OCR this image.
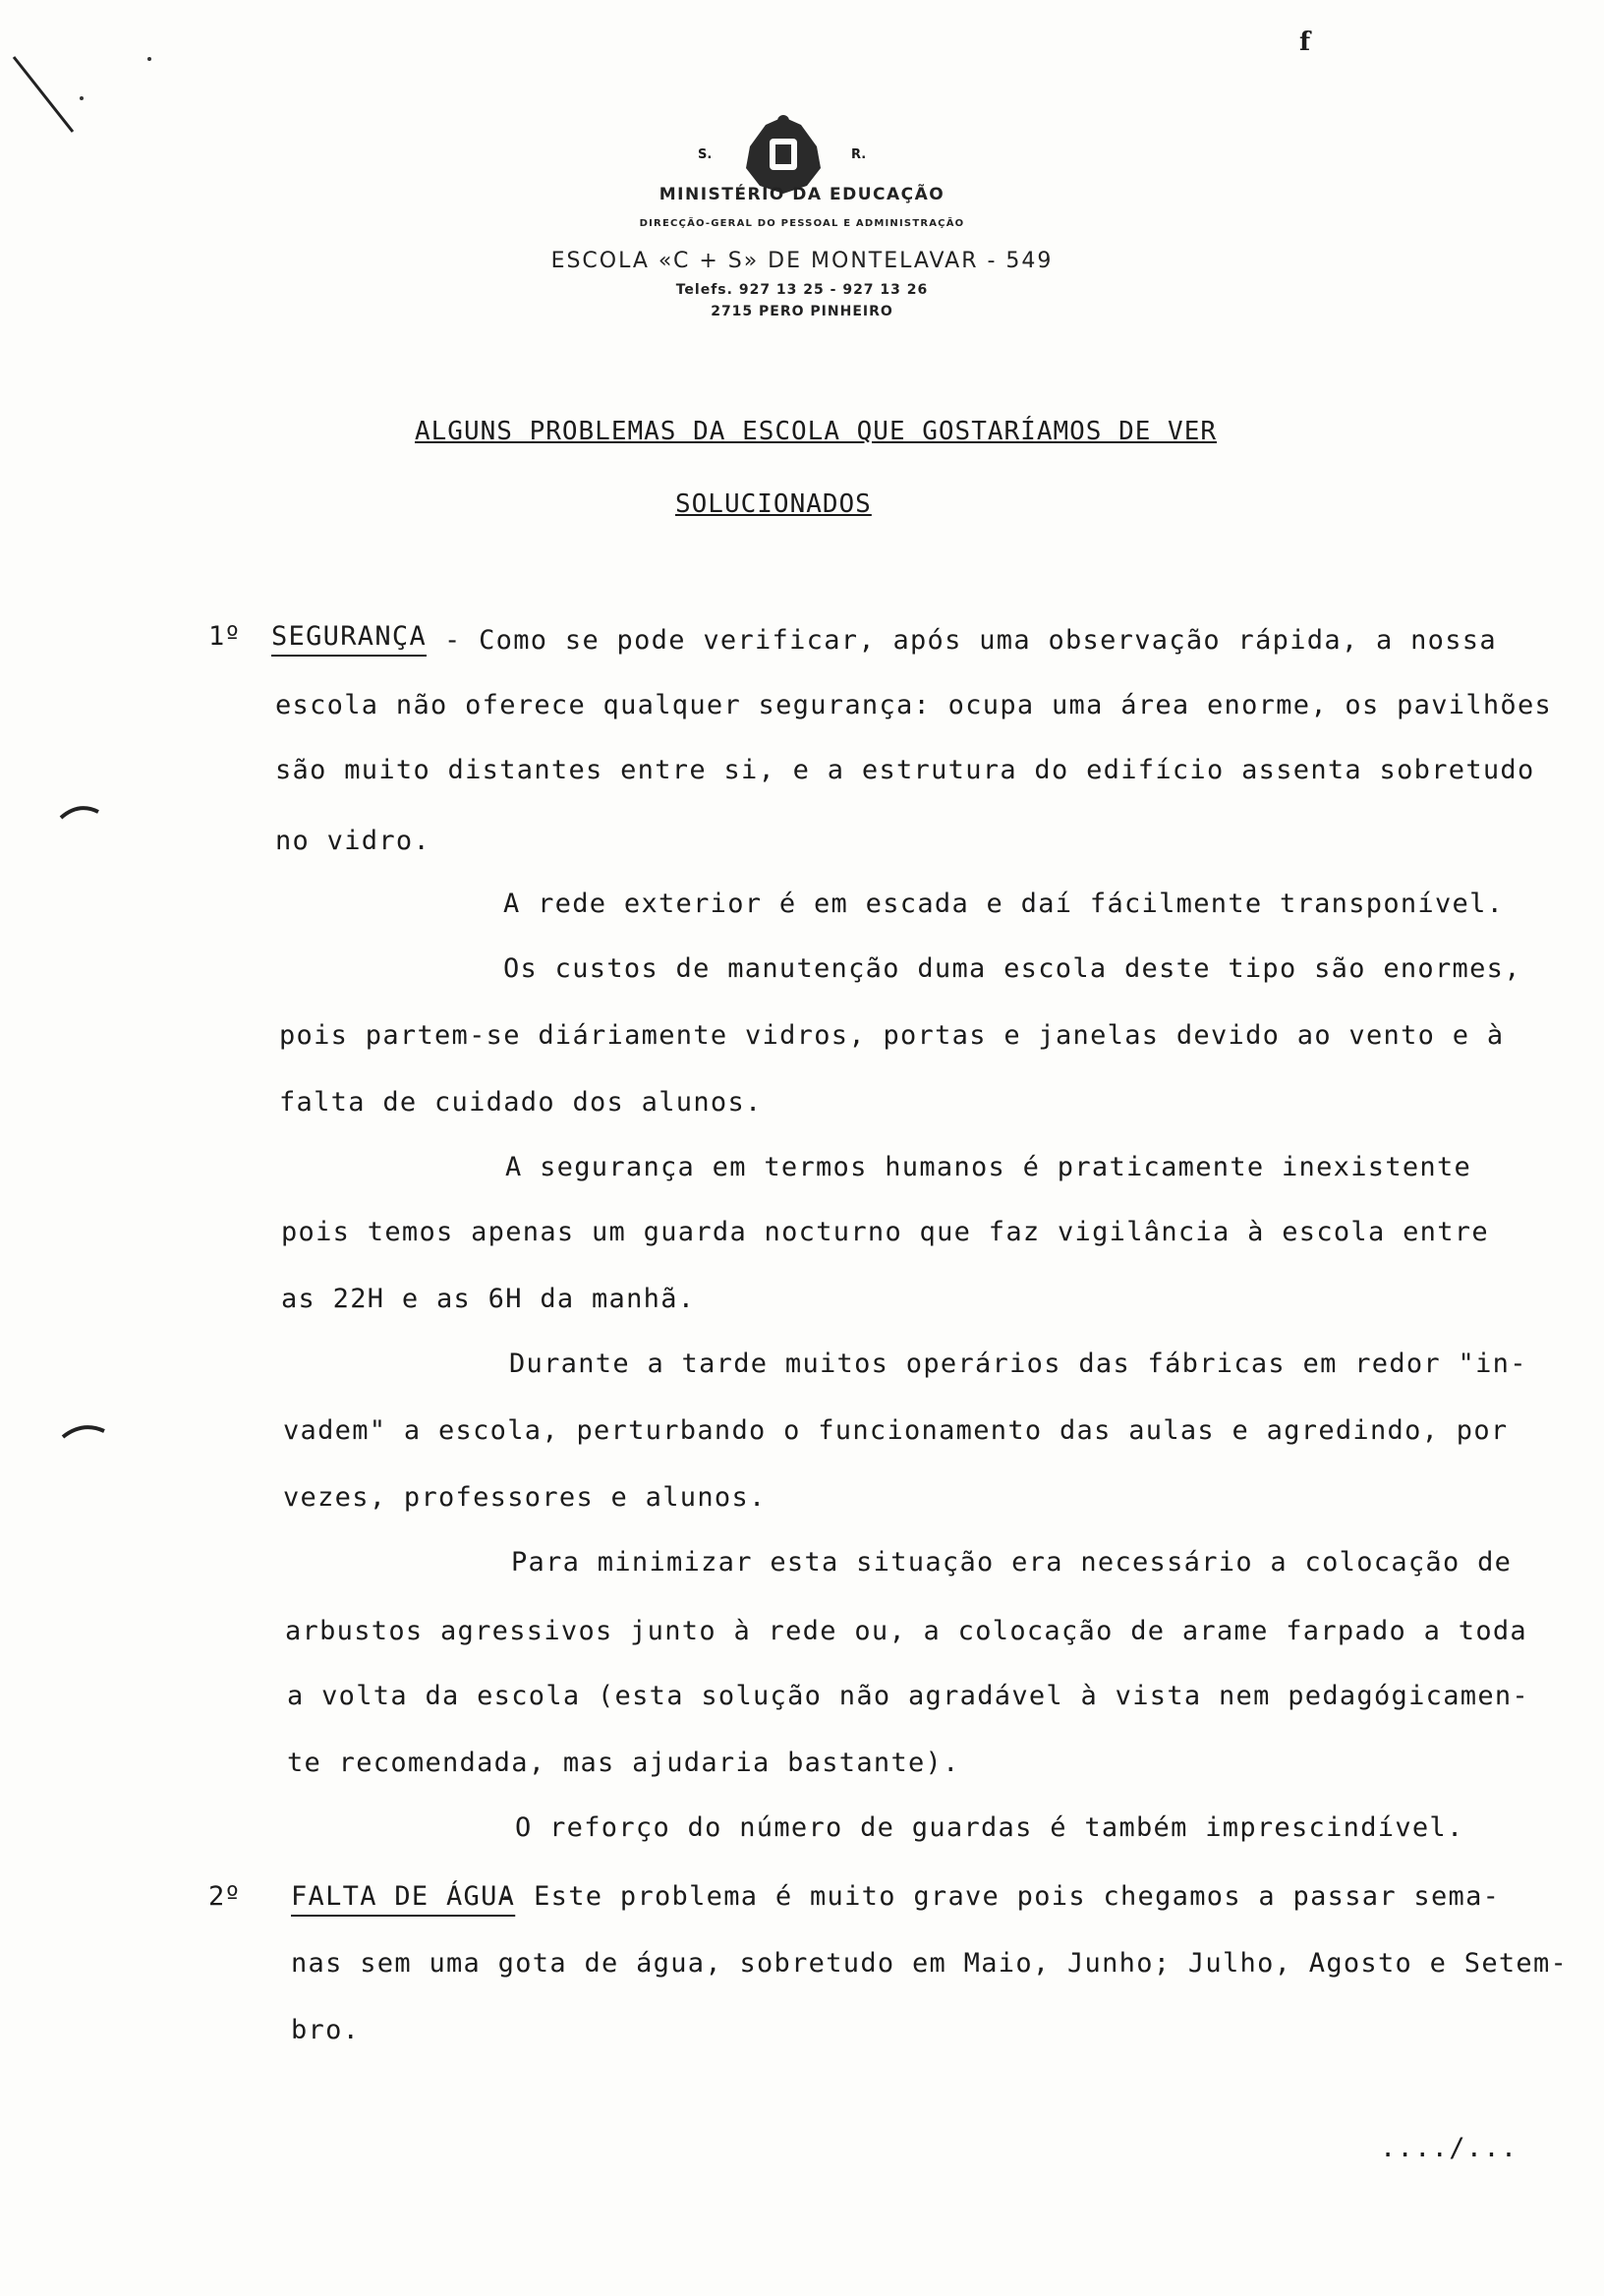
f
S.	R.
MINISTÉRIO DA EDUCAÇÃO
DIRECÇÃO-GERAL DO PESSOAL E ADMINISTRAÇÃO
ESCOLA «C + S» DE MONTELAVAR - 549
Telefs. 927 13 25 - 927 13 26
2715 PERO PINHEIRO
ALGUNS PROBLEMAS DA ESCOLA QUE GOSTARÍAMOS DE VER
SOLUCIONADOS
1º SEGURANÇA - Como se pode verificar, após uma observação rápida, a nossa
escola não oferece qualquer segurança: ocupa uma área enorme, os pavilhões
são muito distantes entre si, e a estrutura do edifício assenta sobretudo
no vidro.
A rede exterior é em escada e daí fácilmente transponível.
Os custos de manutenção duma escola deste tipo são enormes,
pois partem-se diáriamente vidros, portas e janelas devido ao vento e à
falta de cuidado dos alunos.
A segurança em termos humanos é praticamente inexistente
pois temos apenas um guarda nocturno que faz vigilância à escola entre
as 22H e as 6H da manhã.
Durante a tarde muitos operários das fábricas em redor "in-
vadem" a escola, perturbando o funcionamento das aulas e agredindo, por
vezes, professores e alunos.
Para minimizar esta situação era necessário a colocação de
arbustos agressivos junto à rede ou, a colocação de arame farpado a toda
a volta da escola (esta solução não agradável à vista nem pedagógicamen-
te recomendada, mas ajudaria bastante).
O reforço do número de guardas é também imprescindível.
2º FALTA DE ÁGUA
- Este problema é muito grave pois chegamos a passar sema-
nas sem uma gota de água, sobretudo em Maio, Junho; Julho, Agosto e Setem-
bro.
..../...
